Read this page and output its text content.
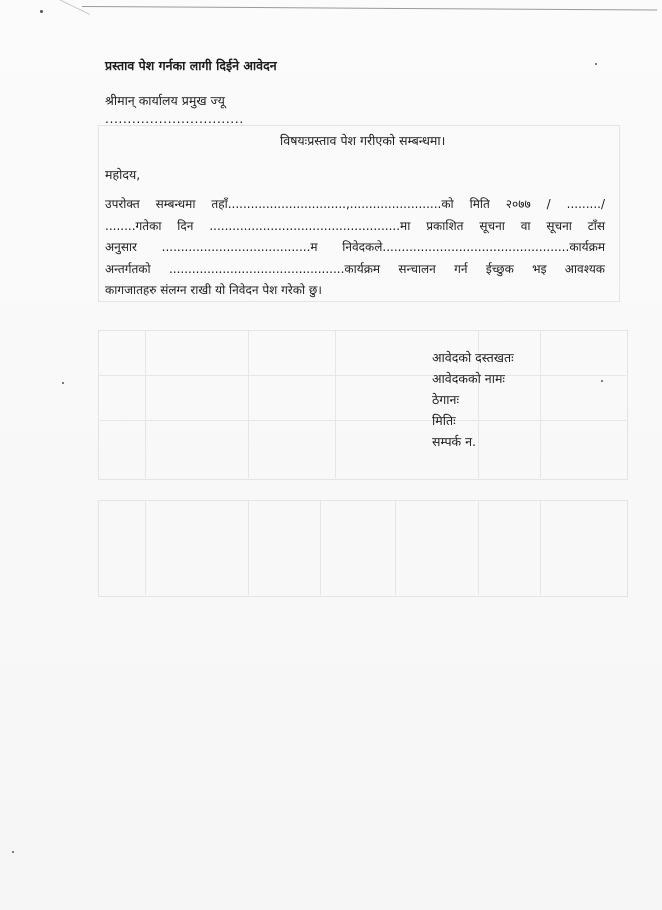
प्रस्ताव पेश गर्नका लागी दिईने आवेदन
श्रीमान् कार्यालय प्रमुख ज्यू
...............................
विषयःप्रस्ताव पेश गरीएको सम्बन्धमा।
महोदय,
उपरोक्त सम्बन्धमा तहाँ...............................,........................को मिति २०७७ / ........./
........गतेका दिन ..................................................मा प्रकाशित सूचना वा सूचना टाँस
अनुसार .......................................म निवेदकले.................................................कार्यक्रम
अन्तर्गतको ..............................................कार्यक्रम सन्चालन गर्न ईच्छुक भइ आवश्यक
कागजातहरु संलग्न राखी यो निवेदन पेश गरेको छु।
आवेदको दस्तखतः
आवेदकको नामः
ठेगानः
मितिः
सम्पर्क न.
